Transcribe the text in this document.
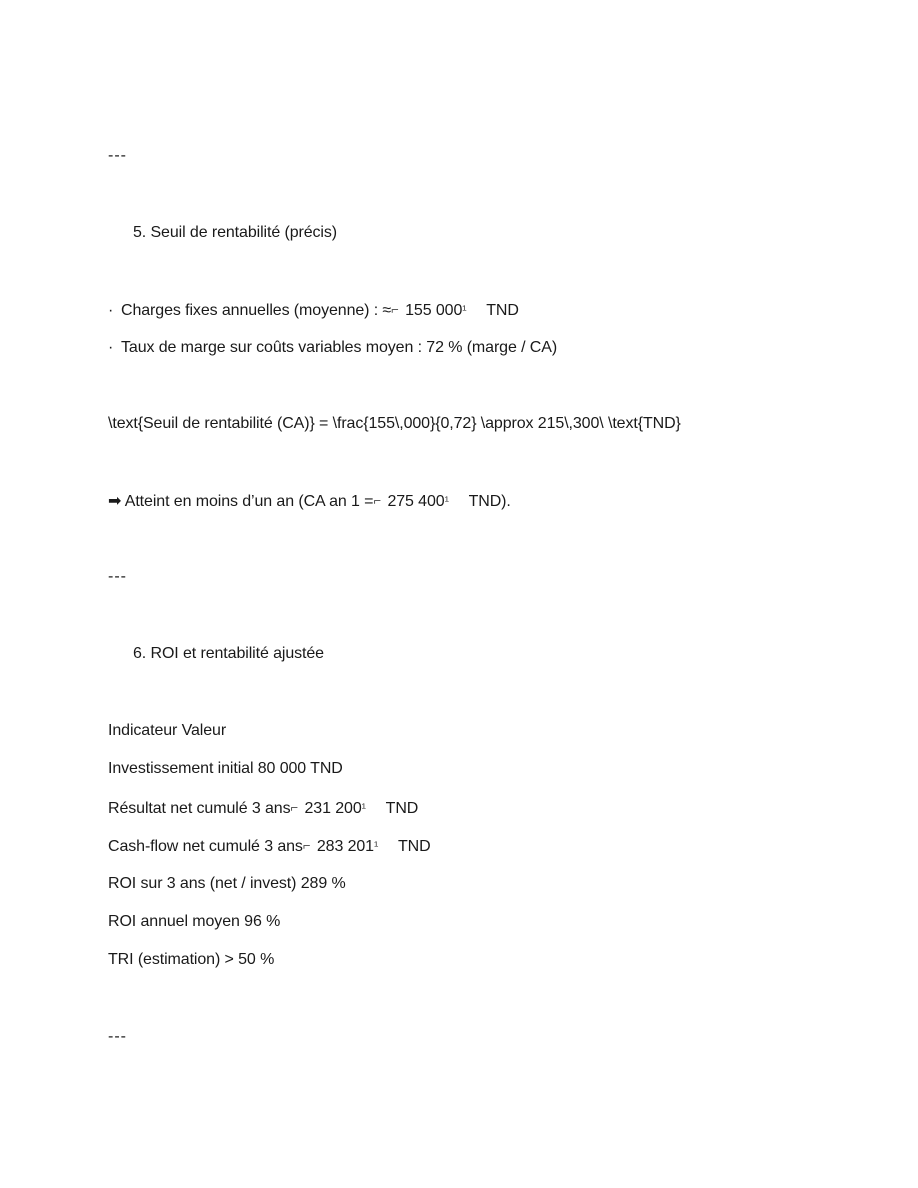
---
5. Seuil de rentabilité (précis)
· Charges fixes annuelles (moyenne) : ≈⌐ 155 000¹ TND
· Taux de marge sur coûts variables moyen : 72 % (marge / CA)
\text{Seuil de rentabilité (CA)} = \frac{155\,000}{0,72} \approx 215\,300\ \text{TND}
➡ Atteint en moins d’un an (CA an 1 =⌐ 275 400¹ TND).
---
6. ROI et rentabilité ajustée
Indicateur Valeur
Investissement initial 80 000 TND
Résultat net cumulé 3 ans⌐ 231 200¹ TND
Cash-flow net cumulé 3 ans⌐ 283 201¹ TND
ROI sur 3 ans (net / invest) 289 %
ROI annuel moyen 96 %
TRI (estimation) > 50 %
---
